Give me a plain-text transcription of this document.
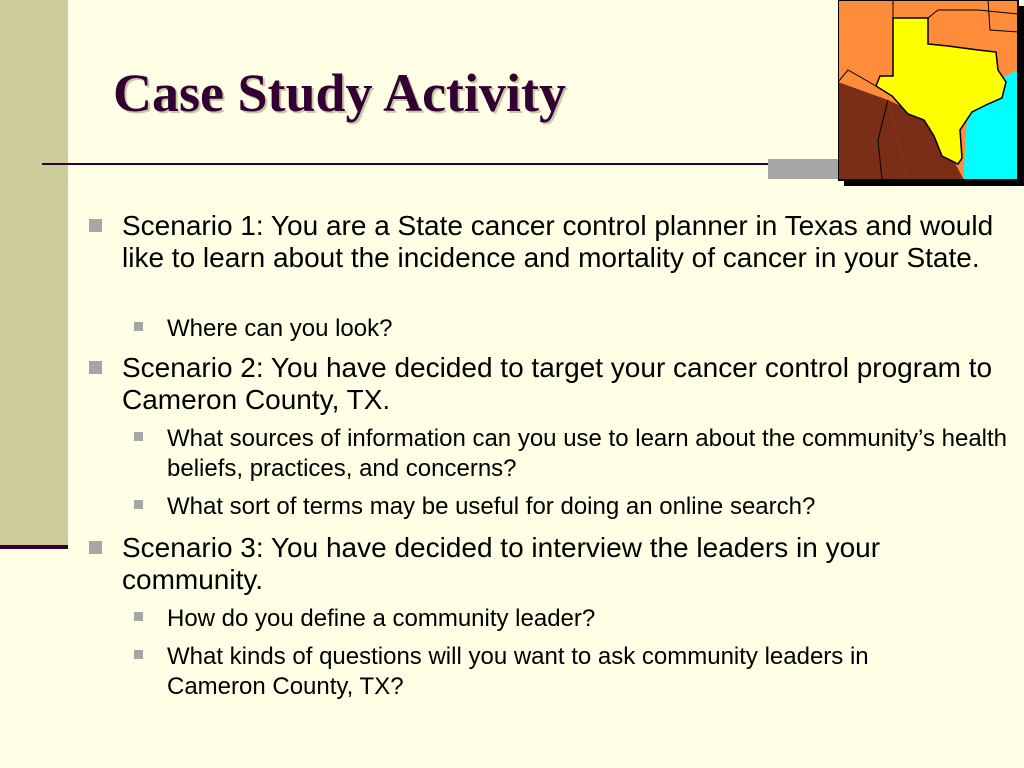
Case Study Activity
Scenario 1: You are a State cancer control planner in Texas and would like to learn about the incidence and mortality of cancer in your State.
Where can you look?
Scenario 2: You have decided to target your cancer control program to Cameron County, TX.
What sources of information can you use to learn about the community’s health beliefs, practices, and concerns?
What sort of terms may be useful for doing an online search?
Scenario 3: You have decided to interview the leaders in your community.
How do you define a community leader?
What kinds of questions will you want to ask community leaders in Cameron County, TX?
